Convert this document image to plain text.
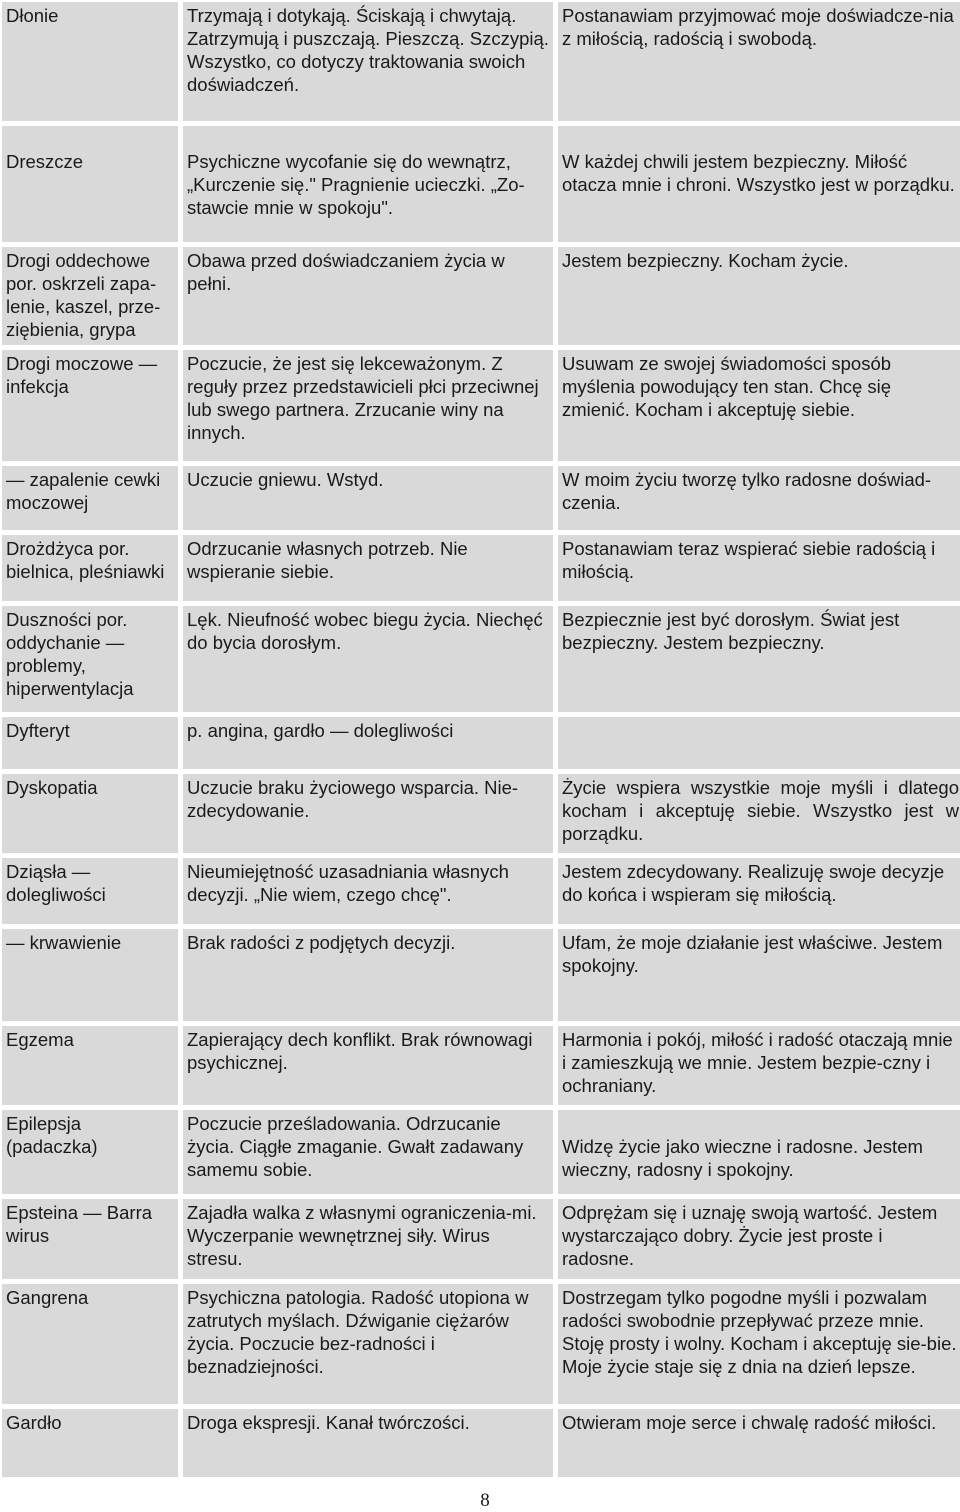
Dłonie	Trzymają i dotykają. Ściskają i chwytają. Zatrzymują i puszczają. Pieszczą. Szczypią. Wszystko, co dotyczy traktowania swoich doświadczeń.	Postanawiam przyjmować moje doświadcze-nia z miłością, radością i swobodą.
Dreszcze	Psychiczne wycofanie się do wewnątrz, „Kurczenie się." Pragnienie ucieczki. „Zo-stawcie mnie w spokoju".	W każdej chwili jestem bezpieczny. Miłość otacza mnie i chroni. Wszystko jest w porządku.
Drogi oddechowe por. oskrzeli zapa-lenie, kaszel, prze-ziębienia, grypa	Obawa przed doświadczaniem życia w pełni.	Jestem bezpieczny. Kocham życie.
Drogi moczowe — infekcja	Poczucie, że jest się lekceważonym. Z reguły przez przedstawicieli płci przeciwnej lub swego partnera. Zrzucanie winy na innych.	Usuwam ze swojej świadomości sposób myślenia powodujący ten stan. Chcę się zmienić. Kocham i akceptuję siebie.
— zapalenie cewki moczowej	Uczucie gniewu. Wstyd.	W moim życiu tworzę tylko radosne doświad-czenia.
Drożdżyca por. bielnica, pleśniawki	Odrzucanie własnych potrzeb. Nie wspieranie siebie.	Postanawiam teraz wspierać siebie radością i miłością.
Duszności por. oddychanie — problemy, hiperwentylacja	Lęk. Nieufność wobec biegu życia. Niechęć do bycia dorosłym.	Bezpiecznie jest być dorosłym. Świat jest bezpieczny. Jestem bezpieczny.
Dyfteryt	p. angina, gardło — dolegliwości	
Dyskopatia	Uczucie braku życiowego wsparcia. Nie-zdecydowanie.	Życie wspiera wszystkie moje myśli i dlatego kocham i akceptuję siebie. Wszystko jest w porządku.
Dziąsła — dolegliwości	Nieumiejętność uzasadniania własnych decyzji. „Nie wiem, czego chcę".	Jestem zdecydowany. Realizuję swoje decyzje do końca i wspieram się miłością.
— krwawienie	Brak radości z podjętych decyzji.	Ufam, że moje działanie jest właściwe. Jestem spokojny.
Egzema	Zapierający dech konflikt. Brak równowagi psychicznej.	Harmonia i pokój, miłość i radość otaczają mnie i zamieszkują we mnie. Jestem bezpie-czny i ochraniany.
Epilepsja (padaczka)	Poczucie prześladowania. Odrzucanie życia. Ciągłe zmaganie. Gwałt zadawany samemu sobie.	Widzę życie jako wieczne i radosne. Jestem wieczny, radosny i spokojny.
Epsteina — Barra wirus	Zajadła walka z własnymi ograniczenia-mi. Wyczerpanie wewnętrznej siły. Wirus stresu.	Odprężam się i uznaję swoją wartość. Jestem wystarczająco dobry. Życie jest proste i radosne.
Gangrena	Psychiczna patologia. Radość utopiona w zatrutych myślach. Dźwiganie ciężarów życia. Poczucie bez-radności i beznadziejności.	Dostrzegam tylko pogodne myśli i pozwalam radości swobodnie przepływać przeze mnie. Stoję prosty i wolny. Kocham i akceptuję sie-bie. Moje życie staje się z dnia na dzień lepsze.
Gardło	Droga ekspresji. Kanał twórczości.	Otwieram moje serce i chwalę radość miłości.
8
